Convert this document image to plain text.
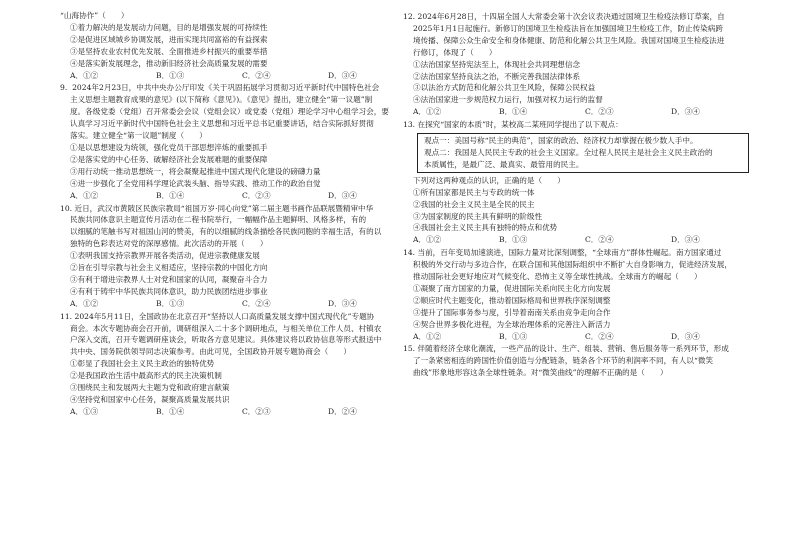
“山海协作”（　　）
①着力解决的是发展动力问题，目的是增强发展的可持续性
②是促进区域城乡协调发展，进而实现共同富裕的有益探索
③是坚持农业农村优先发展、全面推进乡村振兴的重要举措
④是落实新发展理念，推动新旧经济社会高质量发展的需要
A．①②	B．①③	C．②④	D．③④
9. 2024年2月23日，中共中央办公厅印发《关于巩固拓展学习贯彻习近平新时代中国特色社会
主义思想主题教育成果的意见》(以下简称《意见》)。《意见》提出，建立健全“第一议题”制
度。各级党委（党组）召开常委会会议（党组会议）或党委（党组）理论学习中心组学习会，要
认真学习习近平新时代中国特色社会主义思想和习近平总书记重要讲话，结合实际抓好贯彻
落实。建立健全“第一议题”制度（　　）
①是以思想建设为统领，强化党员干部思想淬炼的重要抓手
②是落实党的中心任务、破解经济社会发展难题的重要保障
③用行动统一推动思想统一，将会凝聚起推进中国式现代化建设的磅礴力量
④进一步强化了全党用科学理论武装头脑、指导实践、推动工作的政治自觉
A．①②	B．①④	C．②③	D．③④
10. 近日，武汉市黄陂区民族宗教局“祖国万岁·同心向党”第二届主题书画作品联展暨精审中华
民族共同体意识主题宣传月活动在二程书院举行，一幅幅作品主题鲜明、风格多样，有的
以细腻的笔触书写对祖国山河的赞美，有的以细腻的线条描绘各民族同胞的幸福生活，有的以
独特的色彩表达对党的深厚感情。此次活动的开展（　　）
①表明我国支持宗教界开展各类活动，促进宗教健康发展
②旨在引导宗教与社会主义相适应，坚持宗教的中国化方向
③有利于增进宗教界人士对党和国家的认同，凝聚奋斗合力
④有利于铸牢中华民族共同体意识，助力民族团结进步事业
A．①②	B．①③	C．②④	D．③④
11. 2024年5月11日，全国政协在北京召开“坚持以人口高质量发展支撑中国式现代化”专题协
商会。本次专题协商会召开前，调研组深入二十多个调研地点，与相关单位工作人员、村镇农
户深入交流，召开专题调研座谈会，听取各方意见建议。具体建议将以政协信息等形式报送中
共中央、国务院供领导同志决策参考。由此可见，全国政协开展专题协商会（　　）
①彰显了我国社会主义民主政治的独特优势
②是我国政治生活中最高形式的民主决策机制
③围绕民主和发展两大主题为党和政府建言献策
④坚持党和国家中心任务，凝聚高质量发展共识
A．①③	B．①④	C．②③	D．②④
12. 2024年6月28日，十四届全国人大常委会第十次会议表决通过国境卫生检疫法修订草案，自
2025年1月1日起施行。新修订的国境卫生检疫法旨在加强国境卫生检疫工作，防止传染病跨
境传播、保障公众生命安全和身体健康、防范和化解公共卫生风险。我国对国境卫生检疫法进
行修订，体现了（　　）
①法治国家坚持宪法至上，体现社会共同理想信念
②法治国家坚持良法之治，不断完善我国法律体系
③以法治方式防范和化解公共卫生风险，保障公民权益
④法治国家进一步规范权力运行，加强对权力运行的监督
A．①②	B．①④	C．②③	D．③④
13. 在探究“国家的本质”时，某校高二某班同学提出了以下观点：
观点一：美国号称“民主的典范”，国家的政治、经济权力却掌握在极少数人手中。
观点二：我国是人民民主专政的社会主义国家。全过程人民民主是社会主义民主政治的
本质属性，是最广泛、最真实、最管用的民主。
下列对这两种观点的认识，正确的是（　　）
①所有国家都是民主与专政的统一体
②我国的社会主义民主是全民的民主
③为国家制度的民主具有鲜明的阶级性
④我国社会主义民主具有独特的特点和优势
A．①②	B．①③	C．②④	D．③④
14. 当前，百年变局加速演进，国际力量对比深刻调整，“全球南方”群体性崛起。南方国家通过
积极的外交行动与多边合作，在联合国和其他国际组织中不断扩大自身影响力，促进经济发展，
推动国际社会更好地应对气候变化、恐怖主义等全球性挑战。全球南方的崛起（　　）
①凝聚了南方国家的力量，促进国际关系向民主化方向发展
②顺应时代主题变化，推动着国际格局和世界秩序深刻调整
③提升了国际事务参与度，引导着南南关系由竞争走向合作
④契合世界多极化进程，为全球治理体系的完善注入新活力
A．①②	B．①③	C．②④	D．③④
15. 伴随着经济全球化潮流，一些产品的设计、生产、组装、营销、售后服务等一系列环节，形成
了一条紧密相连的跨国性价值创造与分配链条，链条各个环节的利润率不同，有人以“微笑
曲线”形象地形容这条全球性链条。对“微笑曲线”的理解不正确的是（　　）
